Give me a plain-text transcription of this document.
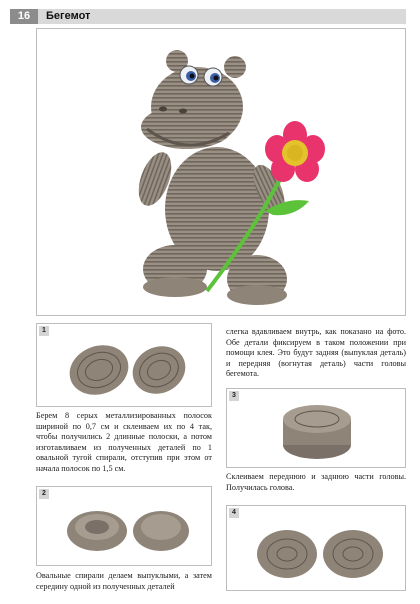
16	Бегемот
1

Берем 8 серых металлизированных полосок шириной по 0,7 см и склеиваем их по 4 так, чтобы получились 2 длинные полоски, а потом изготавливаем из полученных деталей по 1 овальной тугой спирали, отступив при этом от начала полосок по 1,5 см.

2

Овальные спирали делаем выпуклыми, а затем середину одной из полученных деталей

слегка вдавливаем внутрь, как показано на фото. Обе детали фиксируем в таком положении при помощи клея. Это будут задняя (выпуклая деталь) и передняя (вогнутая деталь) части головы бегемота.

3

Склеиваем переднюю и заднюю части головы. Получилась голова.

4
